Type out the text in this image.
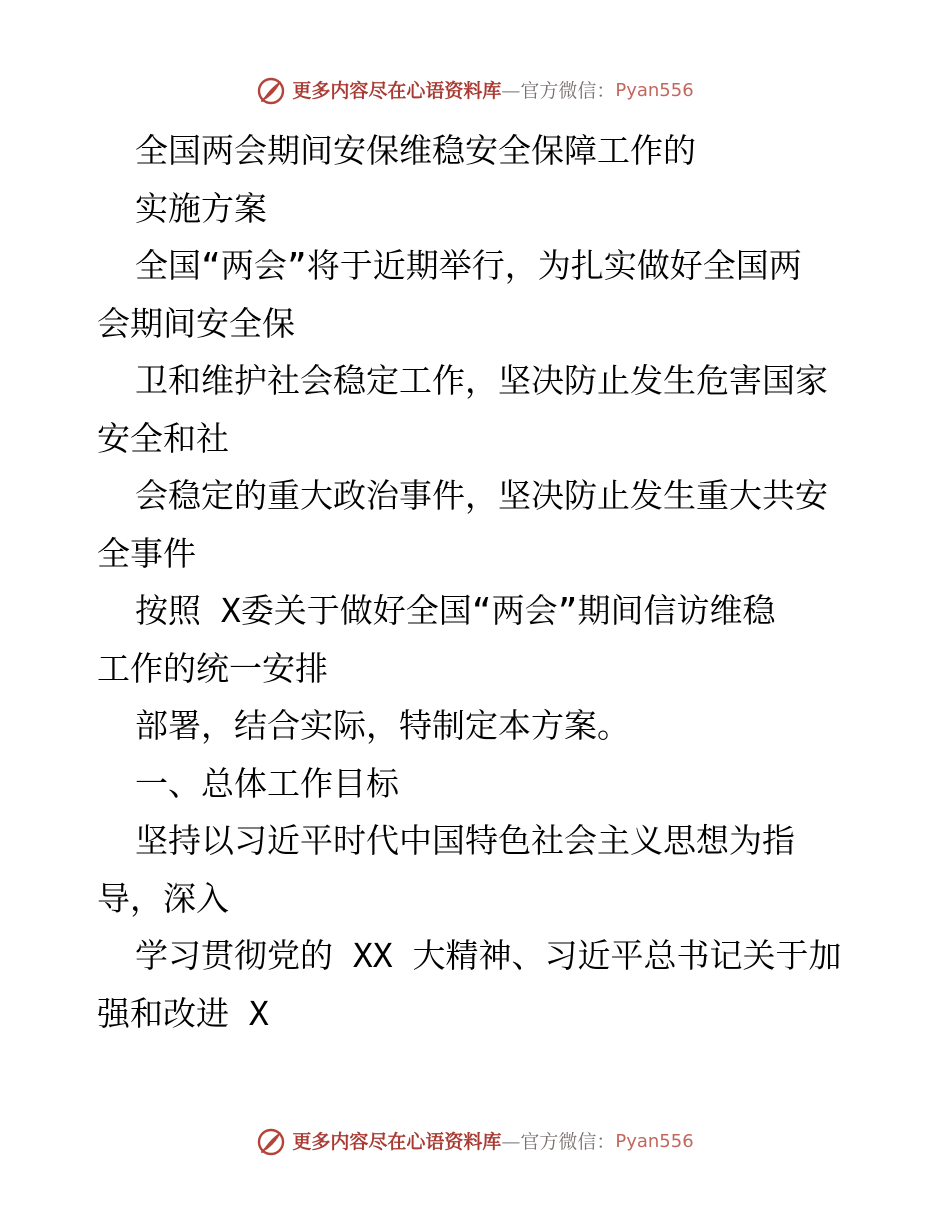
更多内容尽在心语资料库 — 官方微信： Pyan556
全国两会期间安保维稳安全保障工作的
实施方案
全国“两会”将于近期举行，为扎实做好全国两
会期间安全保
卫和维护社会稳定工作，坚决防止发生危害国家
安全和社
会稳定的重大政治事件，坚决防止发生重大共安
全事件
按照 X委关于做好全国“两会”期间信访维稳
工作的统一安排
部署，结合实际，特制定本方案。
一、总体工作目标
坚持以习近平时代中国特色社会主义思想为指
导，深入
学习贯彻党的 XX 大精神、习近平总书记关于加
强和改进 X
更多内容尽在心语资料库 — 官方微信： Pyan556
